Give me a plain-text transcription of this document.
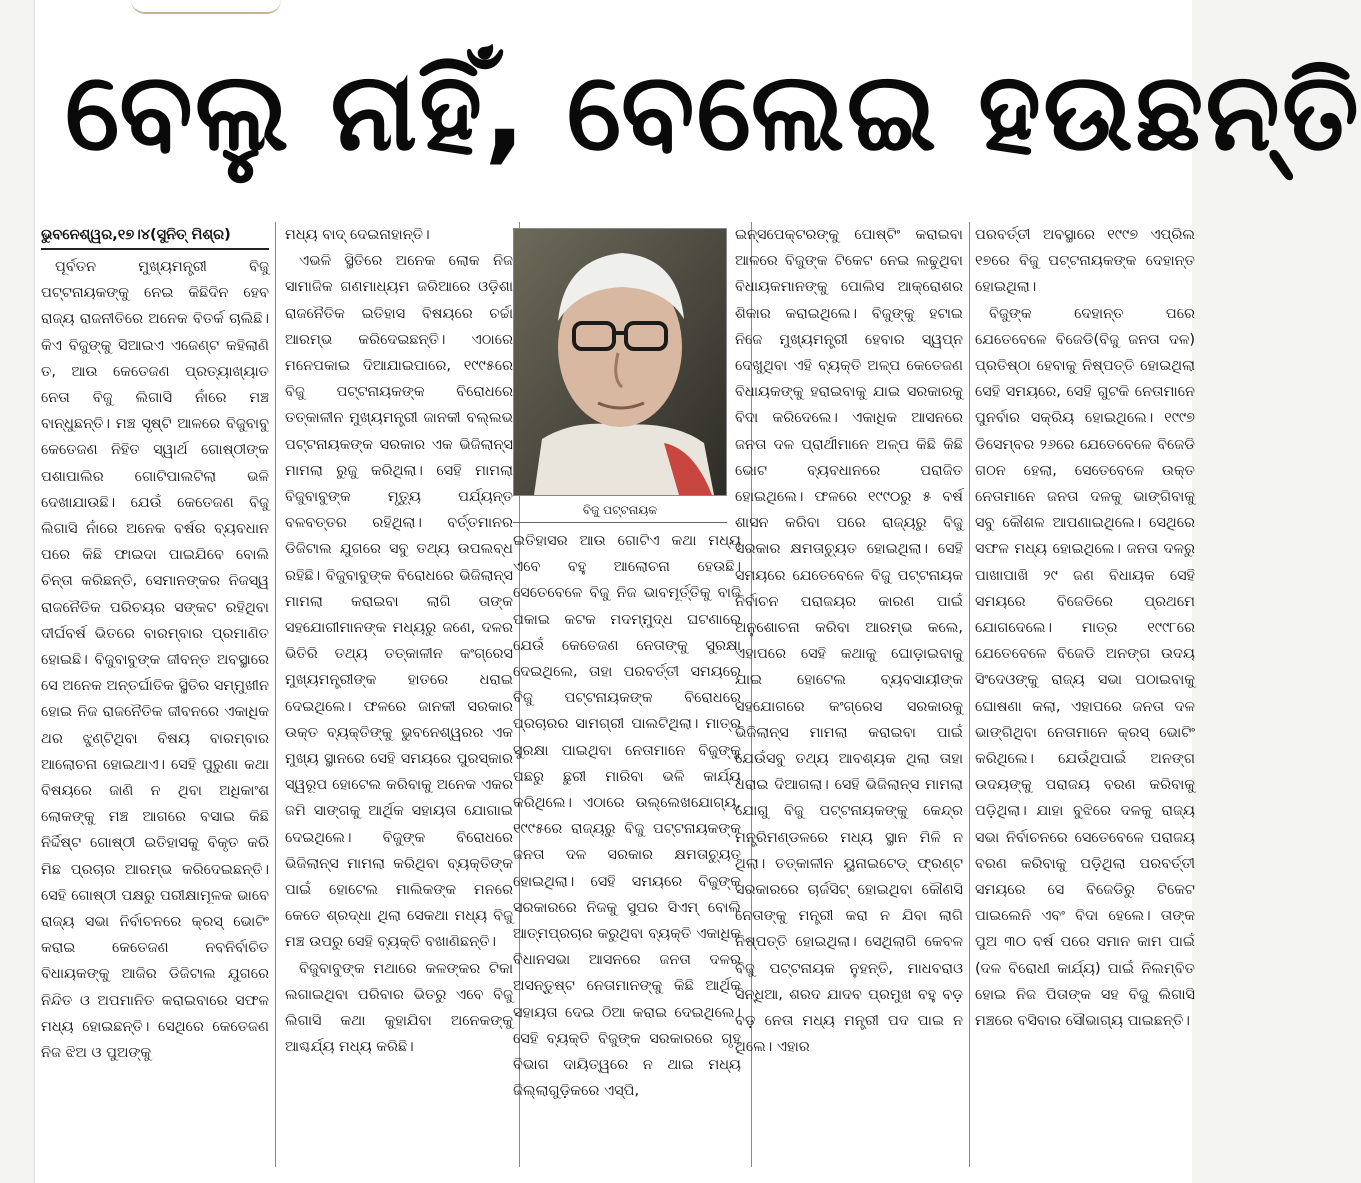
ବେଲୁ ନାହିଁ, ବେଲେଇ ହଉଛନ୍ତି
ଭୁବନେଶ୍ୱର,୧୭।୪(ସୁନିତ୍ ମିଶ୍ର)

ପୂର୍ବତନ ମୁଖ୍ୟମନ୍ତ୍ରୀ ବିଜୁ ପଟ୍ଟନାୟକଙ୍କୁ ନେଇ କିଛିଦିନ ହେବ ରାଜ୍ୟ ରାଜନୀତିରେ ଅନେକ ବିତର୍କ ଚାଲିଛି। କିଏ ବିଜୁଙ୍କୁ ସିଆଇଏ ଏଜେଣ୍ଟ କହିଲାଣି ତ, ଆଉ କେତେଜଣ ପ୍ରତ୍ୟାଖ୍ୟାତ ନେତା ବିଜୁ ଲିଗାସି ନାଁରେ ମଞ୍ଚ ବାନ୍ଧୁଛନ୍ତି। ମଞ୍ଚ ସୃଷ୍ଟି ଆଳରେ ବିଜୁବାବୁ କେତେଜଣ ନିହିତ ସ୍ୱାର୍ଥ ଗୋଷ୍ଠୀଙ୍କ ପଶାପାଲିର ଗୋଟିପାଲଟିଲା ଭଳି ଦେଖାଯାଉଛି। ଯେଉଁ କେତେଜଣ ବିଜୁ ଲିଗାସି ନାଁରେ ଅନେକ ବର୍ଷର ବ୍ୟବଧାନ ପରେ କିଛି ଫାଇଦା ପାଇଯିବେ ବୋଲି ଚିନ୍ତା କରିଛନ୍ତି, ସେମାନଙ୍କର ନିଜସ୍ୱ ରାଜନୈତିକ ପରିଚୟର ସଙ୍କଟ ରହିଥିବା ଦୀର୍ଘବର୍ଷ ଭିତରେ ବାରମ୍ବାର ପ୍ରମାଣିତ ହୋଇଛି। ବିଜୁବାବୁଙ୍କ ଜୀବନ୍ତ ଅବସ୍ଥାରେ ସେ ଅନେକ ଅନ୍ତର୍ଘାତିକ ସ୍ଥିତିର ସମ୍ମୁଖୀନ ହୋଇ ନିଜ ରାଜନୈତିକ ଜୀବନରେ ଏକାଧିକ ଥର ଝୁଣ୍ଟିଥିବା ବିଷୟ ବାରମ୍ବାର ଆଲୋଚନା ହୋଇଥାଏ। ସେହି ପୁରୁଣା କଥା ବିଷୟରେ ଜାଣି ନ ଥିବା ଅଧିକାଂଶ ଲୋକଙ୍କୁ ମଞ୍ଚ ଆଗରେ ବସାଇ କିଛି ନିର୍ଦ୍ଦିଷ୍ଟ ଗୋଷ୍ଠୀ ଇତିହାସକୁ ବିକୃତ କରି ମିଛ ପ୍ରଚାର ଆରମ୍ଭ କରିଦେଇଛନ୍ତି। ସେହି ଗୋଷ୍ଠୀ ପକ୍ଷରୁ ପରୀକ୍ଷାମୂଳକ ଭାବେ ରାଜ୍ୟ ସଭା ନିର୍ବାଚନରେ କ୍ରସ୍ ଭୋଟିଂ କରାଇ କେତେଜଣ ନବନିର୍ବାଚିତ ବିଧାୟକଙ୍କୁ ଆଜିର ଡିଜିଟାଲ ଯୁଗରେ ନିନ୍ଦିତ ଓ ଅପମାନିତ କରାଇବାରେ ସଫଳ ମଧ୍ୟ ହୋଇଛନ୍ତି। ସେଥିରେ କେତେଜଣ ନିଜ ଝିଅ ଓ ପୁଅଙ୍କୁ

ମଧ୍ୟ ବାଦ୍ ଦେଇନାହାନ୍ତି।

ଏଭଳି ସ୍ଥିତିରେ ଅନେକ ଲୋକ ନିଜ ସାମାଜିକ ଗଣମାଧ୍ୟମ ଜରିଆରେ ଓଡ଼ିଶା ରାଜନୈତିକ ଇତିହାସ ବିଷୟରେ ଚର୍ଚ୍ଚା ଆରମ୍ଭ କରିଦେଇଛନ୍ତି। ଏଠାରେ ମନେପକାଇ ଦିଆଯାଇପାରେ, ୧୯୯୫ରେ ବିଜୁ ପଟ୍ଟନାୟକଙ୍କ ବିରୋଧରେ ତତ୍କାଳୀନ ମୁଖ୍ୟମନ୍ତ୍ରୀ ଜାନକୀ ବଲ୍ଲଭ ପଟ୍ଟନାୟକଙ୍କ ସରକାର ଏକ ଭିଜିଲାନ୍ସ ମାମଲା ରୁଜୁ କରିଥିଲା। ସେହି ମାମଲା ବିଜୁବାବୁଙ୍କ ମୃତ୍ୟୁ ପର୍ଯ୍ୟନ୍ତ ବଳବତ୍ତର ରହିଥିଲା। ବର୍ତ୍ତମାନର ଡିଜିଟାଲ ଯୁଗରେ ସବୁ ତଥ୍ୟ ଉପଲବ୍ଧ ରହିଛି। ବିଜୁବାବୁଙ୍କ ବିରୋଧରେ ଭିଜିଲାନ୍ସ ମାମଲା କରାଇବା ଲାଗି ତାଙ୍କ ସହଯୋଗୀମାନଙ୍କ ମଧ୍ୟରୁ ଜଣେ, ଦଳର ଭିତିରି ତଥ୍ୟ ତତ୍କାଳୀନ କଂଗ୍ରେସ ମୁଖ୍ୟମନ୍ତ୍ରୀଙ୍କ ହାତରେ ଧରାଇ ଦେଇଥିଲେ। ଫଳରେ ଜାନକୀ ସରକାର ଉକ୍ତ ବ୍ୟକ୍ତିଙ୍କୁ ଭୁବନେଶ୍ୱରର ଏକ ମୁଖ୍ୟ ସ୍ଥାନରେ ସେହି ସମୟରେ ପୁରସ୍କାର ସ୍ୱରୂପ ହୋଟେଲ କରିବାକୁ ଅନେକ ଏକର ଜମି ସାଙ୍ଗକୁ ଆର୍ଥିକ ସହାୟତା ଯୋଗାଇ ଦେଇଥିଲେ। ବିଜୁଙ୍କ ବିରୋଧରେ ଭିଜିଲାନ୍ସ ମାମଲା କରିଥିବା ବ୍ୟକ୍ତିଙ୍କ ପାଇଁ ହୋଟେଲ ମାଲିକଙ୍କ ମନରେ କେତେ ଶ୍ରଦ୍ଧା ଥିଲା ସେକଥା ମଧ୍ୟ ବିଜୁ ମଞ୍ଚ ଉପରୁ ସେହି ବ୍ୟକ୍ତି ବଖାଣିଛନ୍ତି।

ବିଜୁବାବୁଙ୍କ ମଥାରେ କଳଙ୍କର ଟିକା ଲଗାଇଥିବା ପରିବାର ଭିତରୁ ଏବେ ବିଜୁ ଲିଗାସି କଥା କୁହାଯିବା ଅନେକଙ୍କୁ ଆଶ୍ଚର୍ଯ୍ୟ ମଧ୍ୟ କରିଛି।

ବିଜୁ ପଟ୍ଟନାୟକ

ଇତିହାସର ଆଉ ଗୋଟିଏ କଥା ମଧ୍ୟ ଏବେ ବହୁ ଆଲୋଚନା ହେଉଛି। ସେତେବେଳେ ବିଜୁ ନିଜ ଭାବମୂର୍ତ୍ତିକୁ ବାଜି ପକାଇ କଟକ ମଦମ୍ମୁଦ୍ଧ ଘଟଣାରେ ଯେଉଁ କେତେଜଣ ନେତାଙ୍କୁ ସୁରକ୍ଷା ଦେଇଥିଲେ, ତାହା ପରବର୍ତ୍ତୀ ସମୟରେ ବିଜୁ ପଟ୍ଟନାୟକଙ୍କ ବିରୋଧରେ ପ୍ରଚାରର ସାମଗ୍ରୀ ପାଲଟିଥିଲା। ମାତ୍ର ସୁରକ୍ଷା ପାଇଥିବା ନେତାମାନେ ବିଜୁଙ୍କୁ ପଛରୁ ଛୁରୀ ମାରିବା ଭଳି କାର୍ଯ୍ୟ କରିଥିଲେ। ଏଠାରେ ଉଲ୍ଲେଖଯୋଗ୍ୟ, ୧୯୯୫ରେ ରାଜ୍ୟରୁ ବିଜୁ ପଟ୍ଟନାୟକଙ୍କ ଜନତା ଦଳ ସରକାର କ୍ଷମତାଚ୍ୟୁତ ହୋଇଥିଲା। ସେହି ସମୟରେ ବିଜୁଙ୍କ ସରକାରରେ ନିଜକୁ ସୁପର ସିଏମ୍ ବୋଲି ଆତ୍ମପ୍ରଚାର କରୁଥିବା ବ୍ୟକ୍ତି ଏକାଧିକ ବିଧାନସଭା ଆସନରେ ଜନତା ଦଳର ଅସନ୍ତୁଷ୍ଟ ନେତାମାନଙ୍କୁ କିଛି ଆର୍ଥିକ ସହାୟତା ଦେଇ ଠିଆ କରାଇ ଦେଇଥିଲେ। ସେହି ବ୍ୟକ୍ତି ବିଜୁଙ୍କ ସରକାରରେ ଗୃହ ବିଭାଗ ଦାୟିତ୍ୱରେ ନ ଥାଇ ମଧ୍ୟ ଜିଲ୍ଲାଗୁଡ଼ିକରେ ଏସ୍‌ପି,

ଇନ୍ସପେକ୍ଟରଙ୍କୁ ପୋଷ୍ଟିଂ କରାଇବା ଆଳରେ ବିଜୁଙ୍କ ଟିକେଟ ନେଇ ଲଢୁଥିବା ବିଧାୟକମାନଙ୍କୁ ପୋଲିସ ଆକ୍ରୋଶର ଶିକାର କରାଇଥିଲେ। ବିଜୁଙ୍କୁ ହଟାଇ ନିଜେ ମୁଖ୍ୟମନ୍ତ୍ରୀ ହେବାର ସ୍ୱପ୍ନ ଦେଖୁଥିବା ଏହି ବ୍ୟକ୍ତି ଅଳ୍ପ କେତେଜଣ ବିଧାୟକଙ୍କୁ ହରାଇବାକୁ ଯାଇ ସରକାରକୁ ବିଦା କରିଦେଲେ। ଏକାଧିକ ଆସନରେ ଜନତା ଦଳ ପ୍ରାର୍ଥୀମାନେ ଅଳ୍ପ କିଛି କିଛି ଭୋଟ ବ୍ୟବଧାନରେ ପରାଜିତ ହୋଇଥିଲେ। ଫଳରେ ୧୯୯୦ରୁ ୫ ବର୍ଷ ଶାସନ କରିବା ପରେ ରାଜ୍ୟରୁ ବିଜୁ ସରକାର କ୍ଷମତାଚ୍ୟୁତ ହୋଇଥିଲା। ସେହି ସମୟରେ ଯେତେବେଳେ ବିଜୁ ପଟ୍ଟନାୟକ ନିର୍ବାଚନ ପରାଜୟର କାରଣ ପାଇଁ ଅନୁଶୋଚନା କରିବା ଆରମ୍ଭ କଲେ, ଏହାପରେ ସେହି କଥାକୁ ଘୋଡ଼ାଇବାକୁ ଯାଇ ହୋଟେଲ ବ୍ୟବସାୟୀଙ୍କ ସହଯୋଗରେ କଂଗ୍ରେସ ସରକାରକୁ ଭିଜିଲାନ୍ସ ମାମଲା କରାଇବା ପାଇଁ ଯେଉଁସବୁ ତଥ୍ୟ ଆବଶ୍ୟକ ଥିଲା ତାହା ଧରାଇ ଦିଆଗଲା। ସେହି ଭିଜିଲାନ୍ସ ମାମଲା ଯୋଗୁ ବିଜୁ ପଟ୍ଟନାୟକଙ୍କୁ କେନ୍ଦ୍ର ମନ୍ତ୍ରିମଣ୍ଡଳରେ ମଧ୍ୟ ସ୍ଥାନ ମିଳି ନ ଥିଲା। ତତ୍କାଳୀନ ୟୁନାଇଟେଡ୍ ଫ୍ରଣ୍ଟ ସରକାରରେ ଚାର୍ଜସିଟ୍ ହୋଇଥିବା କୌଣସି ନେତାଙ୍କୁ ମନ୍ତ୍ରୀ କରା ନ ଯିବା ଲାଗି ନିଷ୍ପତ୍ତି ହୋଇଥିଲା। ସେଥିଲାଗି କେବଳ ବିଜୁ ପଟ୍ଟନାୟକ ନୁହନ୍ତି, ମାଧବରାଓ ସିନ୍ଧିଆ, ଶରଦ ଯାଦବ ପ୍ରମୁଖ ବହୁ ବଡ଼ ବଡ଼ ନେତା ମଧ୍ୟ ମନ୍ତ୍ରୀ ପଦ ପାଇ ନ ଥିଲେ। ଏହାର

ପରବର୍ତ୍ତୀ ଅବସ୍ଥାରେ ୧୯୯୭ ଏପ୍ରିଲ ୧୭ରେ ବିଜୁ ପଟ୍ଟନାୟକଙ୍କ ଦେହାନ୍ତ ହୋଇଥିଲା।

ବିଜୁଙ୍କ ଦେହାନ୍ତ ପରେ ଯେତେବେଳେ ବିଜେଡି(ବିଜୁ ଜନତା ଦଳ) ପ୍ରତିଷ୍ଠା ହେବାକୁ ନିଷ୍ପତ୍ତି ହୋଇଥିଲା ସେହି ସମୟରେ, ସେହି ଗୁଟକି ନେତାମାନେ ପୁନର୍ବାର ସକ୍ରିୟ ହୋଇଥିଲେ। ୧୯୯୭ ଡିସେମ୍ବର ୨୬ରେ ଯେତେବେଳେ ବିଜେଡି ଗଠନ ହେଲା, ସେତେବେଳେ ଉକ୍ତ ନେତାମାନେ ଜନତା ଦଳକୁ ଭାଙ୍ଗିବାକୁ ସବୁ କୌଶଳ ଆପଣାଇଥିଲେ। ସେଥିରେ ସଫଳ ମଧ୍ୟ ହୋଇଥିଲେ। ଜନତା ଦଳରୁ ପାଖାପାଖି ୨୯ ଜଣ ବିଧାୟକ ସେହି ସମୟରେ ବିଜେଡିରେ ପ୍ରଥମେ ଯୋଗଦେଲେ। ମାତ୍ର ୧୯୯୮ରେ ଯେତେବେଳେ ବିଜେଡି ଅନଙ୍ଗ ଉଦୟ ସିଂଦେଓଙ୍କୁ ରାଜ୍ୟ ସଭା ପଠାଇବାକୁ ଘୋଷଣା କଲା, ଏହାପରେ ଜନତା ଦଳ ଭାଙ୍ଗିଥିବା ନେତାମାନେ କ୍ରସ୍ ଭୋଟିଂ କରିଥିଲେ। ଯେଉଁଥିପାଇଁ ଅନଙ୍ଗ ଉଦୟଙ୍କୁ ପରାଜୟ ବରଣ କରିବାକୁ ପଡ଼ିଥିଲା। ଯାହା ବୁଝିରେ ଦଳକୁ ରାଜ୍ୟ ସଭା ନିର୍ବାଚନରେ ସେତେବେଳେ ପରାଜୟ ବରଣ କରିବାକୁ ପଡ଼ିଥିଲା ପରବର୍ତ୍ତୀ ସମୟରେ ସେ ବିଜେଡିରୁ ଟିକେଟ ପାଇଲେନି ଏବଂ ବିଦା ହେଲେ। ତାଙ୍କ ପୁଅ ୩୦ ବର୍ଷ ପରେ ସମାନ କାମ ପାଇଁ (ଦଳ ବିରୋଧୀ କାର୍ଯ୍ୟ) ପାଇଁ ନିଲମ୍ବିତ ହୋଇ ନିଜ ପିତାଙ୍କ ସହ ବିଜୁ ଲିଗାସି ମଞ୍ଚରେ ବସିବାର ସୌଭାଗ୍ୟ ପାଇଛନ୍ତି।
